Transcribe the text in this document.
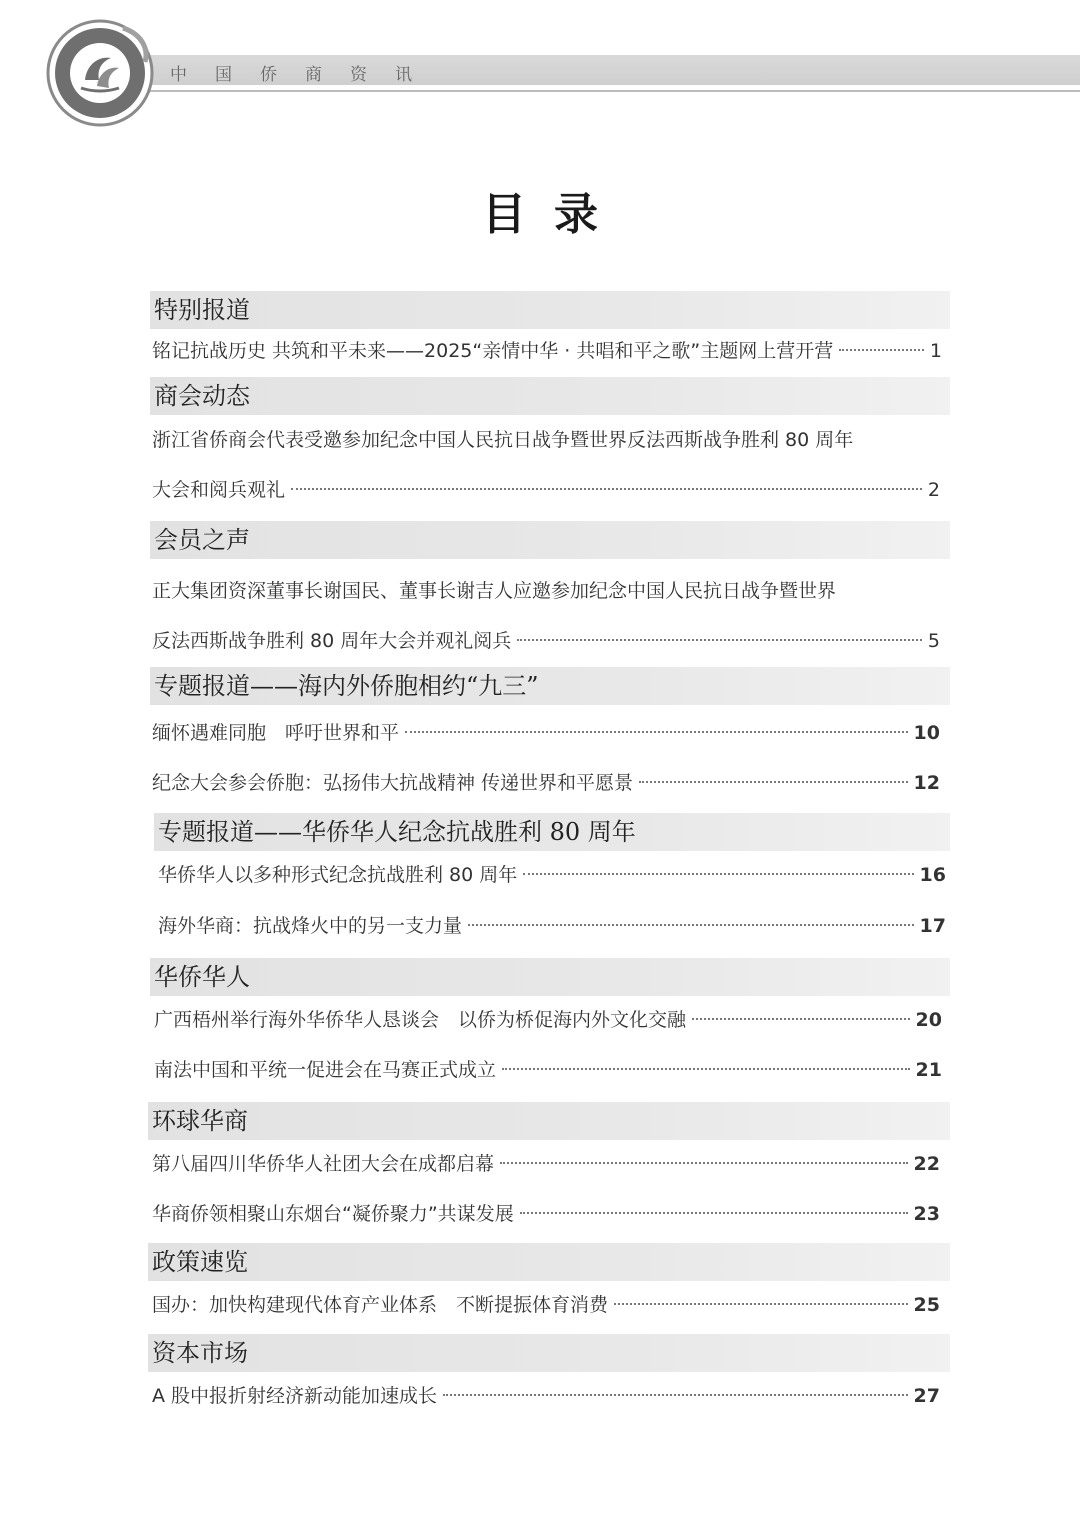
中国侨商资讯
目录
特别报道
铭记抗战历史 共筑和平未来——2025“亲情中华 · 共唱和平之歌”主题网上营开营	1
商会动态
浙江省侨商会代表受邀参加纪念中国人民抗日战争暨世界反法西斯战争胜利 80 周年
大会和阅兵观礼	2
会员之声
正大集团资深董事长谢国民、董事长谢吉人应邀参加纪念中国人民抗日战争暨世界
反法西斯战争胜利 80 周年大会并观礼阅兵	5
专题报道——海内外侨胞相约“九三”
缅怀遇难同胞　呼吁世界和平	10
纪念大会参会侨胞：弘扬伟大抗战精神 传递世界和平愿景	12
专题报道——华侨华人纪念抗战胜利 80 周年
华侨华人以多种形式纪念抗战胜利 80 周年	16
海外华商：抗战烽火中的另一支力量	17
华侨华人
广西梧州举行海外华侨华人恳谈会　以侨为桥促海内外文化交融	20
南法中国和平统一促进会在马赛正式成立	21
环球华商
第八届四川华侨华人社团大会在成都启幕	22
华商侨领相聚山东烟台“凝侨聚力”共谋发展	23
政策速览
国办：加快构建现代体育产业体系　不断提振体育消费	25
资本市场
A 股中报折射经济新动能加速成长	27
